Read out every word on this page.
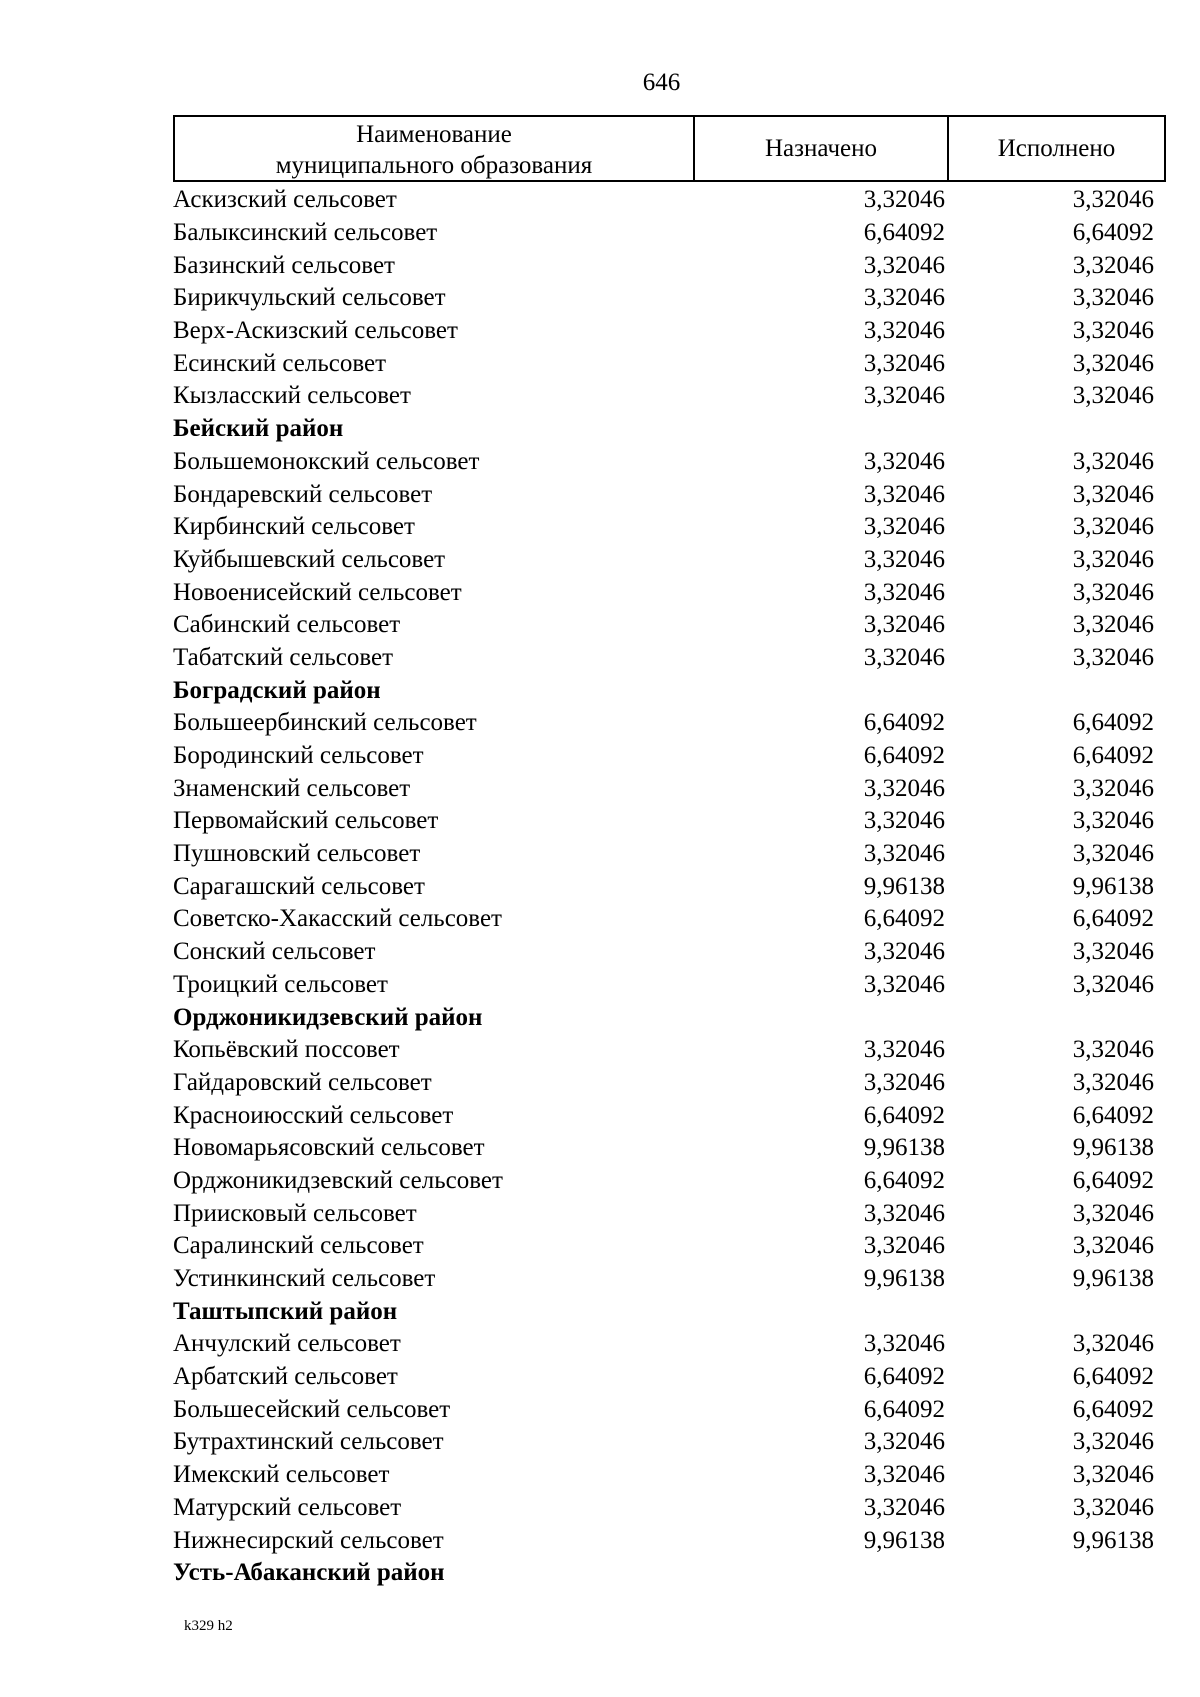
646
Наименование
муниципального образования
Назначено	Исполнено
Аскизский сельсовет	3,32046	3,32046
Балыксинский сельсовет	6,64092	6,64092
Базинский сельсовет	3,32046	3,32046
Бирикчульский сельсовет	3,32046	3,32046
Верх-Аскизский сельсовет	3,32046	3,32046
Есинский сельсовет	3,32046	3,32046
Кызласский сельсовет	3,32046	3,32046
Бейский район
Большемонокский сельсовет	3,32046	3,32046
Бондаревский сельсовет	3,32046	3,32046
Кирбинский сельсовет	3,32046	3,32046
Куйбышевский сельсовет	3,32046	3,32046
Новоенисейский сельсовет	3,32046	3,32046
Сабинский сельсовет	3,32046	3,32046
Табатский сельсовет	3,32046	3,32046
Боградский район
Большеербинский сельсовет	6,64092	6,64092
Бородинский сельсовет	6,64092	6,64092
Знаменский сельсовет	3,32046	3,32046
Первомайский сельсовет	3,32046	3,32046
Пушновский сельсовет	3,32046	3,32046
Сарагашский сельсовет	9,96138	9,96138
Советско-Хакасский сельсовет	6,64092	6,64092
Сонский сельсовет	3,32046	3,32046
Троицкий сельсовет	3,32046	3,32046
Орджоникидзевский район
Копьёвский поссовет	3,32046	3,32046
Гайдаровский сельсовет	3,32046	3,32046
Красноиюсский сельсовет	6,64092	6,64092
Новомарьясовский сельсовет	9,96138	9,96138
Орджоникидзевский сельсовет	6,64092	6,64092
Приисковый сельсовет	3,32046	3,32046
Саралинский сельсовет	3,32046	3,32046
Устинкинский сельсовет	9,96138	9,96138
Таштыпский район
Анчулский сельсовет	3,32046	3,32046
Арбатский сельсовет	6,64092	6,64092
Большесейский сельсовет	6,64092	6,64092
Бутрахтинский сельсовет	3,32046	3,32046
Имекский сельсовет	3,32046	3,32046
Матурский сельсовет	3,32046	3,32046
Нижнесирский сельсовет	9,96138	9,96138
Усть-Абаканский район
k329 h2
